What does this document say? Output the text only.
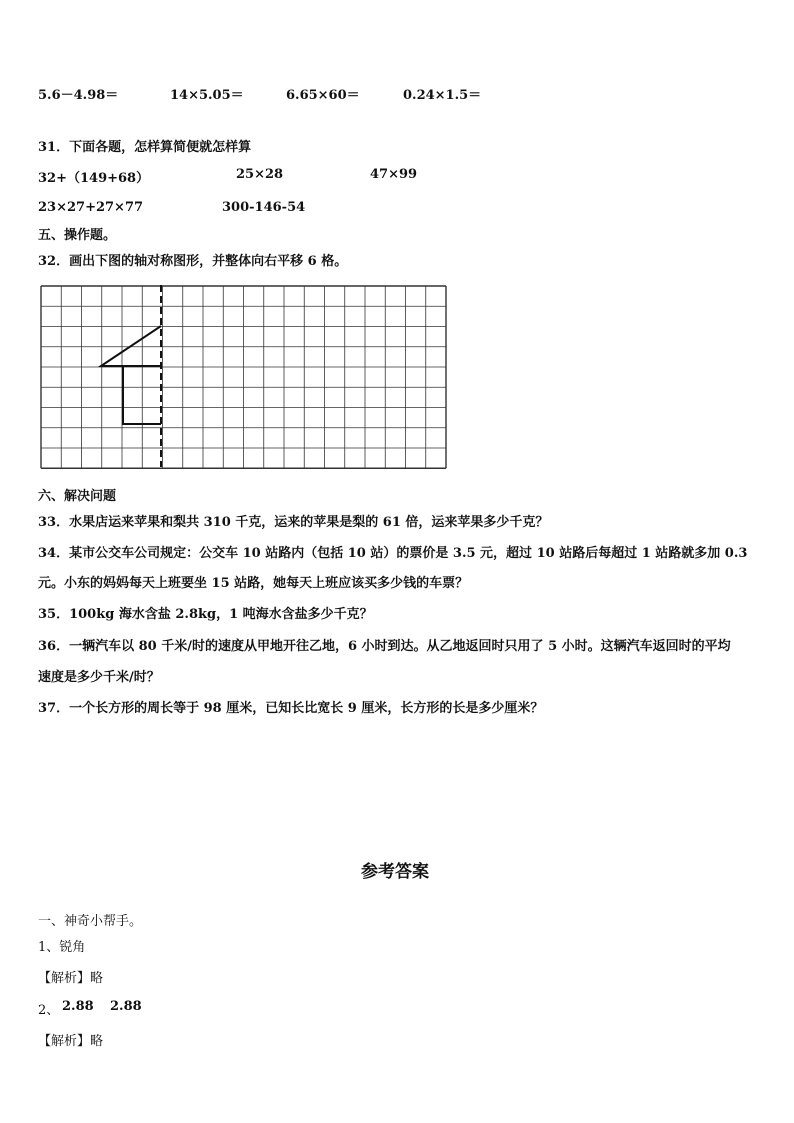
5.6－4.98＝	14×5.05＝	6.65×60＝	0.24×1.5＝
31．下面各题，怎样算简便就怎样算
32+（149+68）	25×28	47×99
23×27+27×77	300-146-54
五、操作题。
32．画出下图的轴对称图形，并整体向右平移 6 格。
六、解决问题
33．水果店运来苹果和梨共 310 千克，运来的苹果是梨的 61 倍，运来苹果多少千克？
34．某市公交车公司规定：公交车 10 站路内（包括 10 站）的票价是 3.5 元，超过 10 站路后每超过 1 站路就多加 0.3
元。小东的妈妈每天上班要坐 15 站路，她每天上班应该买多少钱的车票？
35．100kg 海水含盐 2.8kg，1 吨海水含盐多少千克？
36．一辆汽车以 80 千米/时的速度从甲地开往乙地，6 小时到达。从乙地返回时只用了 5 小时。这辆汽车返回时的平均
速度是多少千米/时？
37．一个长方形的周长等于 98 厘米，已知长比宽长 9 厘米，长方形的长是多少厘米？
参考答案
一、神奇小帮手。
1、锐角
【解析】略
2、 2.88 2.88
【解析】略
